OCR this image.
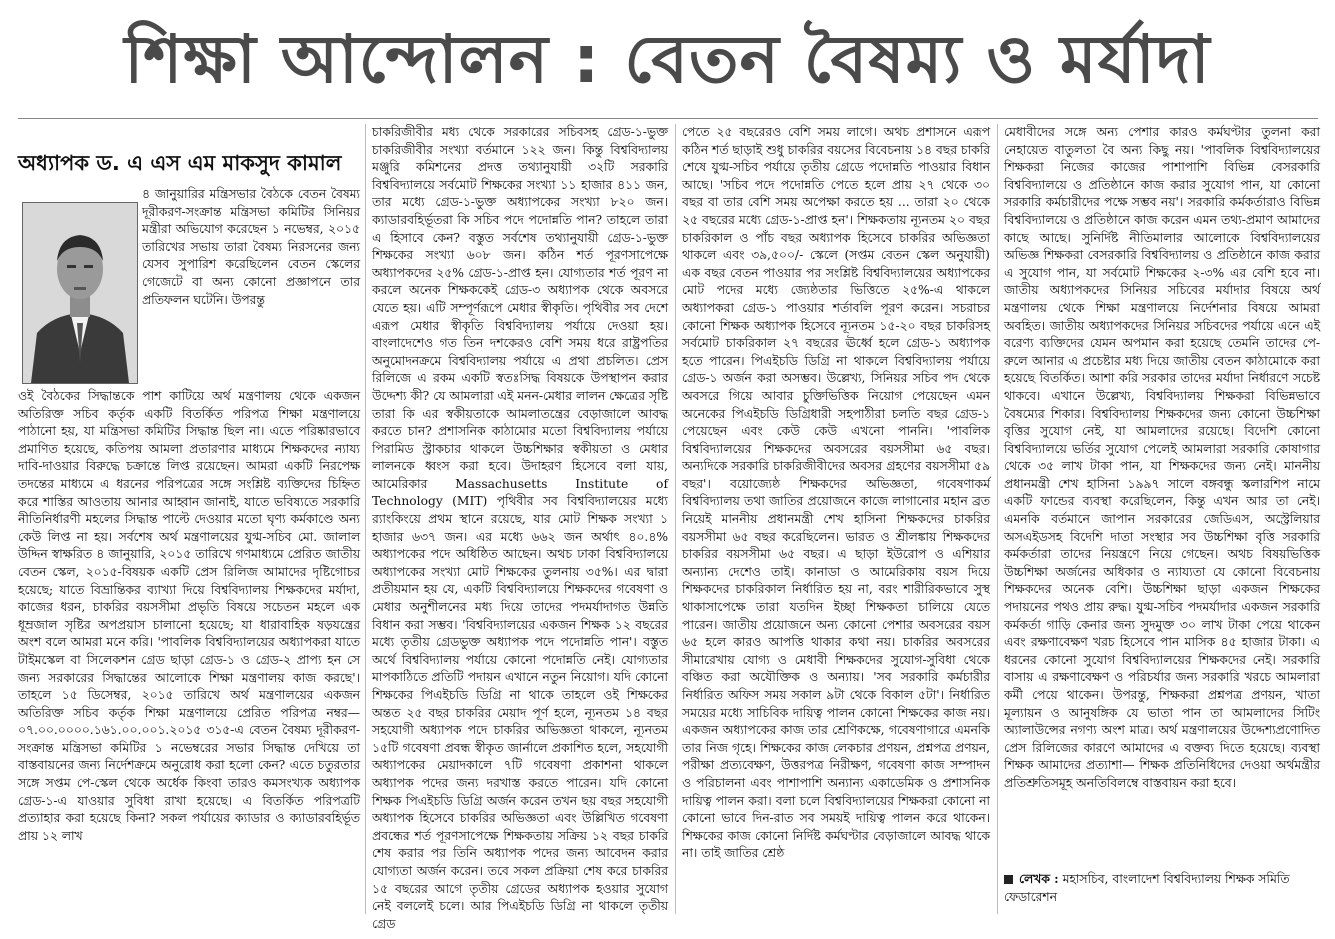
শিক্ষা আন্দোলন : বেতন বৈষম্য ও মর্যাদা
অধ্যাপক ড. এ এস এম মাকসুদ কামাল

৪ জানুয়ারির মন্ত্রিসভার বৈঠকে বেতন বৈষম্য দূরীকরণ-সংক্রান্ত মন্ত্রিসভা কমিটির সিনিয়র মন্ত্রীরা অভিযোগ করেছেন ১ নভেম্বর, ২০১৫ তারিখের সভায় তারা বৈষম্য নিরসনের জন্য যেসব সুপারিশ করেছিলেন বেতন স্কেলের গেজেটে বা অন্য কোনো প্রজ্ঞাপনে তার প্রতিফলন ঘটেনি। উপরন্তু

ওই বৈঠকের সিদ্ধান্তকে পাশ কাটিয়ে অর্থ মন্ত্রণালয় থেকে একজন অতিরিক্ত সচিব কর্তৃক একটি বিতর্কিত পরিপত্র শিক্ষা মন্ত্রণালয়ে পাঠানো হয়, যা মন্ত্রিসভা কমিটির সিদ্ধান্ত ছিল না। এতে পরিষ্কারভাবে প্রমাণিত হয়েছে, কতিপয় আমলা প্রতারণার মাধ্যমে শিক্ষকদের ন্যায্য দাবি-দাওয়ার বিরুদ্ধে চক্রান্তে লিপ্ত রয়েছেন। আমরা একটি নিরপেক্ষ তদন্তের মাধ্যমে এ ধরনের পরিপত্রের সঙ্গে সংশ্লিষ্ট ব্যক্তিদের চিহ্নিত করে শাস্তির আওতায় আনার আহ্বান জানাই, যাতে ভবিষ্যতে সরকারি নীতিনির্ধারণী মহলের সিদ্ধান্ত পাল্টে দেওয়ার মতো ঘৃণ্য কর্মকাণ্ডে অন্য কেউ লিপ্ত না হয়। সর্বশেষ অর্থ মন্ত্রণালয়ের যুগ্ম-সচিব মো. জালাল উদ্দিন স্বাক্ষরিত ৪ জানুয়ারি, ২০১৫ তারিখে গণমাধ্যমে প্রেরিত জাতীয় বেতন স্কেল, ২০১৫-বিষয়ক একটি প্রেস রিলিজ আমাদের দৃষ্টিগোচর হয়েছে; যাতে বিভ্রান্তিকর ব্যাখ্যা দিয়ে বিশ্ববিদ্যালয় শিক্ষকদের মর্যাদা, কাজের ধরন, চাকরির বয়সসীমা প্রভৃতি বিষয়ে সচেতন মহলে এক ধূম্রজাল সৃষ্টির অপপ্রয়াস চালানো হয়েছে; যা ধারাবাহিক ষড়যন্ত্রের অংশ বলে আমরা মনে করি। 'পাবলিক বিশ্ববিদ্যালয়ের অধ্যাপকরা যাতে টাইমস্কেল বা সিলেকশন গ্রেড ছাড়া গ্রেড-১ ও গ্রেড-২ প্রাপ্য হন সে জন্য সরকারের সিদ্ধান্তের আলোকে শিক্ষা মন্ত্রণালয় কাজ করছে'। তাহলে ১৫ ডিসেম্বর, ২০১৫ তারিখে অর্থ মন্ত্রণালয়ের একজন অতিরিক্ত সচিব কর্তৃক শিক্ষা মন্ত্রণালয়ে প্রেরিত পরিপত্র নম্বর— ০৭.০০.০০০০.১৬১.০০.০০১.২০১৫ ৩১৫-এ বেতন বৈষম্য দূরীকরণ-সংক্রান্ত মন্ত্রিসভা কমিটির ১ নভেম্বরের সভার সিদ্ধান্ত দেখিয়ে তা বাস্তবায়নের জন্য নির্দেশক্রমে অনুরোধ করা হলো কেন? এতে চতুরতার সঙ্গে সপ্তম পে-স্কেল থেকে অর্ধেক কিংবা তারও কমসংখ্যক অধ্যাপক গ্রেড-১-এ যাওয়ার সুবিধা রাখা হয়েছে। এ বিতর্কিত পরিপত্রটি প্রত্যাহার করা হয়েছে কিনা? সকল পর্যায়ের ক্যাডার ও ক্যাডারবহির্ভূত প্রায় ১২ লাখ

চাকরিজীবীর মধ্য থেকে সরকারের সচিবসহ গ্রেড-১-ভুক্ত চাকরিজীবীর সংখ্যা বর্তমানে ১২২ জন। কিন্তু বিশ্ববিদ্যালয় মঞ্জুরি কমিশনের প্রদত্ত তথ্যানুযায়ী ৩২টি সরকারি বিশ্ববিদ্যালয়ে সর্বমোট শিক্ষকের সংখ্যা ১১ হাজার ৪১১ জন, তার মধ্যে গ্রেড-১-ভুক্ত অধ্যাপকের সংখ্যা ৮২০ জন। ক্যাডারবহির্ভূতরা কি সচিব পদে পদোন্নতি পান? তাহলে তারা এ হিসাবে কেন? বস্তুত সর্বশেষ তথ্যানুযায়ী গ্রেড-১-ভুক্ত শিক্ষকের সংখ্যা ৬০৮ জন। কঠিন শর্ত পূরণসাপেক্ষে অধ্যাপকদের ২৫% গ্রেড-১-প্রাপ্ত হন। যোগ্যতার শর্ত পূরণ না করলে অনেক শিক্ষককেই গ্রেড-৩ অধ্যাপক থেকে অবসরে যেতে হয়। এটি সম্পূর্ণরূপে মেধার স্বীকৃতি। পৃথিবীর সব দেশে এরূপ মেধার স্বীকৃতি বিশ্ববিদ্যালয় পর্যায়ে দেওয়া হয়। বাংলাদেশেও গত তিন দশকেরও বেশি সময় ধরে রাষ্ট্রপতির অনুমোদনক্রমে বিশ্ববিদ্যালয় পর্যায়ে এ প্রথা প্রচলিত। প্রেস রিলিজে এ রকম একটি স্বতঃসিদ্ধ বিষয়কে উপস্থাপন করার উদ্দেশ্য কী? যে আমলারা এই মনন-মেধার লালন ক্ষেত্রের সৃষ্টি তারা কি এর স্বকীয়তাকে আমলাতন্ত্রের বেড়াজালে আবদ্ধ করতে চান? প্রশাসনিক কাঠামোর মতো বিশ্ববিদ্যালয় পর্যায়ে পিরামিড স্ট্রাকচার থাকলে উচ্চশিক্ষার স্বকীয়তা ও মেধার লালনকে ধ্বংস করা হবে। উদাহরণ হিসেবে বলা যায়, আমেরিকার Massachusetts Institute of Technology (MIT) পৃথিবীর সব বিশ্ববিদ্যালয়ের মধ্যে র‍্যাংকিংয়ে প্রথম স্থানে রয়েছে, যার মোট শিক্ষক সংখ্যা ১ হাজার ৬৩৭ জন। এর মধ্যে ৬৬২ জন অর্থাৎ ৪০.৪% অধ্যাপকের পদে অধিষ্ঠিত আছেন। অথচ ঢাকা বিশ্ববিদ্যালয়ে অধ্যাপকের সংখ্যা মোট শিক্ষকের তুলনায় ৩৫%। এর দ্বারা প্রতীয়মান হয় যে, একটি বিশ্ববিদ্যালয়ে শিক্ষকদের গবেষণা ও মেধার অনুশীলনের মধ্য দিয়ে তাদের পদমর্যাদাগত উন্নতি বিধান করা সম্ভব। 'বিশ্ববিদ্যালয়ের একজন শিক্ষক ১২ বছরের মধ্যে তৃতীয় গ্রেডভুক্ত অধ্যাপক পদে পদোন্নতি পান'। বস্তুত অর্থে বিশ্ববিদ্যালয় পর্যায়ে কোনো পদোন্নতি নেই। যোগ্যতার মাপকাঠিতে প্রতিটি পদায়ন এখানে নতুন নিয়োগ। যদি কোনো শিক্ষকের পিএইচডি ডিগ্রি না থাকে তাহলে ওই শিক্ষকের অন্তত ২৫ বছর চাকরির মেয়াদ পূর্ণ হলে, ন্যূনতম ১৪ বছর সহযোগী অধ্যাপক পদে চাকরির অভিজ্ঞতা থাকলে, ন্যূনতম ১৫টি গবেষণা প্রবন্ধ স্বীকৃত জার্নালে প্রকাশিত হলে, সহযোগী অধ্যাপকের মেয়াদকালে ৭টি গবেষণা প্রকাশনা থাকলে অধ্যাপক পদের জন্য দরখাস্ত করতে পারেন। যদি কোনো শিক্ষক পিএইচডি ডিগ্রি অর্জন করেন তখন ছয় বছর সহযোগী অধ্যাপক হিসেবে চাকরির অভিজ্ঞতা এবং উল্লিখিত গবেষণা প্রবন্ধের শর্ত পূরণসাপেক্ষে শিক্ষকতায় সক্রিয় ১২ বছর চাকরি শেষ করার পর তিনি অধ্যাপক পদের জন্য আবেদন করার যোগ্যতা অর্জন করেন। তবে সকল প্রক্রিয়া শেষ করে চাকরির ১৫ বছরের আগে তৃতীয় গ্রেডের অধ্যাপক হওয়ার সুযোগ নেই বললেই চলে। আর পিএইচডি ডিগ্রি না থাকলে তৃতীয় গ্রেড

পেতে ২৫ বছরেরও বেশি সময় লাগে। অথচ প্রশাসনে এরূপ কঠিন শর্ত ছাড়াই শুধু চাকরির বয়সের বিবেচনায় ১৪ বছর চাকরি শেষে যুগ্ম-সচিব পর্যায়ে তৃতীয় গ্রেডে পদোন্নতি পাওয়ার বিধান আছে। 'সচিব পদে পদোন্নতি পেতে হলে প্রায় ২৭ থেকে ৩০ বছর বা তার বেশি সময় অপেক্ষা করতে হয় ... তারা ২০ থেকে ২৫ বছরের মধ্যে গ্রেড-১-প্রাপ্ত হন'। শিক্ষকতায় ন্যূনতম ২০ বছর চাকরিকাল ও পাঁচ বছর অধ্যাপক হিসেবে চাকরির অভিজ্ঞতা থাকলে এবং ৩৯,৫০০/- স্কেলে (সপ্তম বেতন স্কেল অনুযায়ী) এক বছর বেতন পাওয়ার পর সংশ্লিষ্ট বিশ্ববিদ্যালয়ের অধ্যাপকের মোট পদের মধ্যে জ্যেষ্ঠতার ভিত্তিতে ২৫%-এ থাকলে অধ্যাপকরা গ্রেড-১ পাওয়ার শর্তাবলি পূরণ করেন। সচরাচর কোনো শিক্ষক অধ্যাপক হিসেবে ন্যূনতম ১৫-২০ বছর চাকরিসহ সর্বমোট চাকরিকাল ২৭ বছরের ঊর্ধ্বে হলে গ্রেড-১ অধ্যাপক হতে পারেন। পিএইচডি ডিগ্রি না থাকলে বিশ্ববিদ্যালয় পর্যায়ে গ্রেড-১ অর্জন করা অসম্ভব। উল্লেখ্য, সিনিয়র সচিব পদ থেকে অবসরে গিয়ে আবার চুক্তিভিত্তিক নিয়োগ পেয়েছেন এমন অনেকের পিএইচডি ডিগ্রিধারী সহপাঠীরা চলতি বছর গ্রেড-১ পেয়েছেন এবং কেউ কেউ এখনো পাননি। 'পাবলিক বিশ্ববিদ্যালয়ের শিক্ষকদের অবসরের বয়সসীমা ৬৫ বছর। অন্যদিকে সরকারি চাকরিজীবীদের অবসর গ্রহণের বয়সসীমা ৫৯ বছর'। বয়োজ্যেষ্ঠ শিক্ষকদের অভিজ্ঞতা, গবেষণাকর্ম বিশ্ববিদ্যালয় তথা জাতির প্রয়োজনে কাজে লাগানোর মহান ব্রত নিয়েই মাননীয় প্রধানমন্ত্রী শেখ হাসিনা শিক্ষকদের চাকরির বয়সসীমা ৬৫ বছর করেছিলেন। ভারত ও শ্রীলঙ্কায় শিক্ষকদের চাকরির বয়সসীমা ৬৫ বছর। এ ছাড়া ইউরোপ ও এশিয়ার অন্যান্য দেশেও তাই। কানাডা ও আমেরিকায় বয়স দিয়ে শিক্ষকদের চাকরিকাল নির্ধারিত হয় না, বরং শারীরিকভাবে সুস্থ থাকাসাপেক্ষে তারা যতদিন ইচ্ছা শিক্ষকতা চালিয়ে যেতে পারেন। জাতীয় প্রয়োজনে অন্য কোনো পেশার অবসরের বয়স ৬৫ হলে কারও আপত্তি থাকার কথা নয়। চাকরির অবসরের সীমারেখায় যোগ্য ও মেধাবী শিক্ষকদের সুযোগ-সুবিধা থেকে বঞ্চিত করা অযৌক্তিক ও অন্যায়। 'সব সরকারি কর্মচারীর নির্ধারিত অফিস সময় সকাল ৯টা থেকে বিকাল ৫টা'। নির্ধারিত সময়ের মধ্যে সাচিবিক দায়িত্ব পালন কোনো শিক্ষকের কাজ নয়। একজন অধ্যাপকের কাজ তার শ্রেণিকক্ষে, গবেষণাগারে এমনকি তার নিজ গৃহে। শিক্ষকের কাজ লেকচার প্রণয়ন, প্রশ্নপত্র প্রণয়ন, পরীক্ষা প্রত্যবেক্ষণ, উত্তরপত্র নিরীক্ষণ, গবেষণা কাজ সম্পাদন ও পরিচালনা এবং পাশাপাশি অন্যান্য একাডেমিক ও প্রশাসনিক দায়িত্ব পালন করা। বলা চলে বিশ্ববিদ্যালয়ের শিক্ষকরা কোনো না কোনো ভাবে দিন-রাত সব সময়ই দায়িত্ব পালন করে থাকেন। শিক্ষকের কাজ কোনো নির্দিষ্ট কর্মঘণ্টার বেড়াজালে আবদ্ধ থাকে না। তাই জাতির শ্রেষ্ঠ

মেধাবীদের সঙ্গে অন্য পেশার কারও কর্মঘণ্টার তুলনা করা নেহায়েত বাতুলতা বৈ অন্য কিছু নয়। 'পাবলিক বিশ্ববিদ্যালয়ের শিক্ষকরা নিজের কাজের পাশাপাশি বিভিন্ন বেসরকারি বিশ্ববিদ্যালয়ে ও প্রতিষ্ঠানে কাজ করার সুযোগ পান, যা কোনো সরকারি কর্মচারীদের পক্ষে সম্ভব নয়'। সরকারি কর্মকর্তারাও বিভিন্ন বিশ্ববিদ্যালয়ে ও প্রতিষ্ঠানে কাজ করেন এমন তথ্য-প্রমাণ আমাদের কাছে আছে। সুনির্দিষ্ট নীতিমালার আলোকে বিশ্ববিদ্যালয়ের অভিজ্ঞ শিক্ষকরা বেসরকারি বিশ্ববিদ্যালয় ও প্রতিষ্ঠানে কাজ করার এ সুযোগ পান, যা সর্বমোট শিক্ষকের ২-৩% এর বেশি হবে না। জাতীয় অধ্যাপকদের সিনিয়র সচিবের মর্যাদার বিষয়ে অর্থ মন্ত্রণালয় থেকে শিক্ষা মন্ত্রণালয়ে নির্দেশনার বিষয়ে আমরা অবহিত। জাতীয় অধ্যাপকদের সিনিয়র সচিবদের পর্যায়ে এনে এই বরেণ্য ব্যক্তিদের যেমন অপমান করা হয়েছে তেমনি তাদের পে-রুলে আনার এ প্রচেষ্টার মধ্য দিয়ে জাতীয় বেতন কাঠামোকে করা হয়েছে বিতর্কিত। আশা করি সরকার তাদের মর্যাদা নির্ধারণে সচেষ্ট থাকবে। এখানে উল্লেখ্য, বিশ্ববিদ্যালয় শিক্ষকরা বিভিন্নভাবে বৈষম্যের শিকার। বিশ্ববিদ্যালয় শিক্ষকদের জন্য কোনো উচ্চশিক্ষা বৃত্তির সুযোগ নেই, যা আমলাদের রয়েছে। বিদেশি কোনো বিশ্ববিদ্যালয়ে ভর্তির সুযোগ পেলেই আমলারা সরকারি কোষাগার থেকে ৩৫ লাখ টাকা পান, যা শিক্ষকদের জন্য নেই। মাননীয় প্রধানমন্ত্রী শেখ হাসিনা ১৯৯৭ সালে বঙ্গবন্ধু স্কলারশিপ নামে একটি ফান্ডের ব্যবস্থা করেছিলেন, কিন্তু এখন আর তা নেই। এমনকি বর্তমানে জাপান সরকারের জেডিএস, অস্ট্রেলিয়ার অসএইডসহ বিদেশি দাতা সংস্থার সব উচ্চশিক্ষা বৃত্তি সরকারি কর্মকর্তারা তাদের নিয়ন্ত্রণে নিয়ে গেছেন। অথচ বিষয়ভিত্তিক উচ্চশিক্ষা অর্জনের অধিকার ও ন্যায্যতা যে কোনো বিবেচনায় শিক্ষকদের অনেক বেশি। উচ্চশিক্ষা ছাড়া একজন শিক্ষকের পদায়নের পথও প্রায় রুদ্ধ। যুগ্ম-সচিব পদমর্যাদার একজন সরকারি কর্মকর্তা গাড়ি কেনার জন্য সুদমুক্ত ৩০ লাখ টাকা পেয়ে থাকেন এবং রক্ষণাবেক্ষণ খরচ হিসেবে পান মাসিক ৪৫ হাজার টাকা। এ ধরনের কোনো সুযোগ বিশ্ববিদ্যালয়ের শিক্ষকদের নেই। সরকারি বাসায় এ রক্ষণাবেক্ষণ ও পরিচর্যার জন্য সরকারি খরচে আমলারা কর্মী পেয়ে থাকেন। উপরন্তু, শিক্ষকরা প্রশ্নপত্র প্রণয়ন, খাতা মূল্যায়ন ও আনুষঙ্গিক যে ভাতা পান তা আমলাদের সিটিং অ্যালাউন্সের নগণ্য অংশ মাত্র। অর্থ মন্ত্রণালয়ের উদ্দেশ্যপ্রণোদিত প্রেস রিলিজের কারণে আমাদের এ বক্তব্য দিতে হয়েছে। ব্যবস্থা শিক্ষক আমাদের প্রত্যাশা— শিক্ষক প্রতিনিধিদের দেওয়া অর্থমন্ত্রীর প্রতিশ্রুতিসমূহ অনতিবিলম্বে বাস্তবায়ন করা হবে।

লেখক : মহাসচিব, বাংলাদেশ বিশ্ববিদ্যালয় শিক্ষক সমিতি ফেডারেশন
